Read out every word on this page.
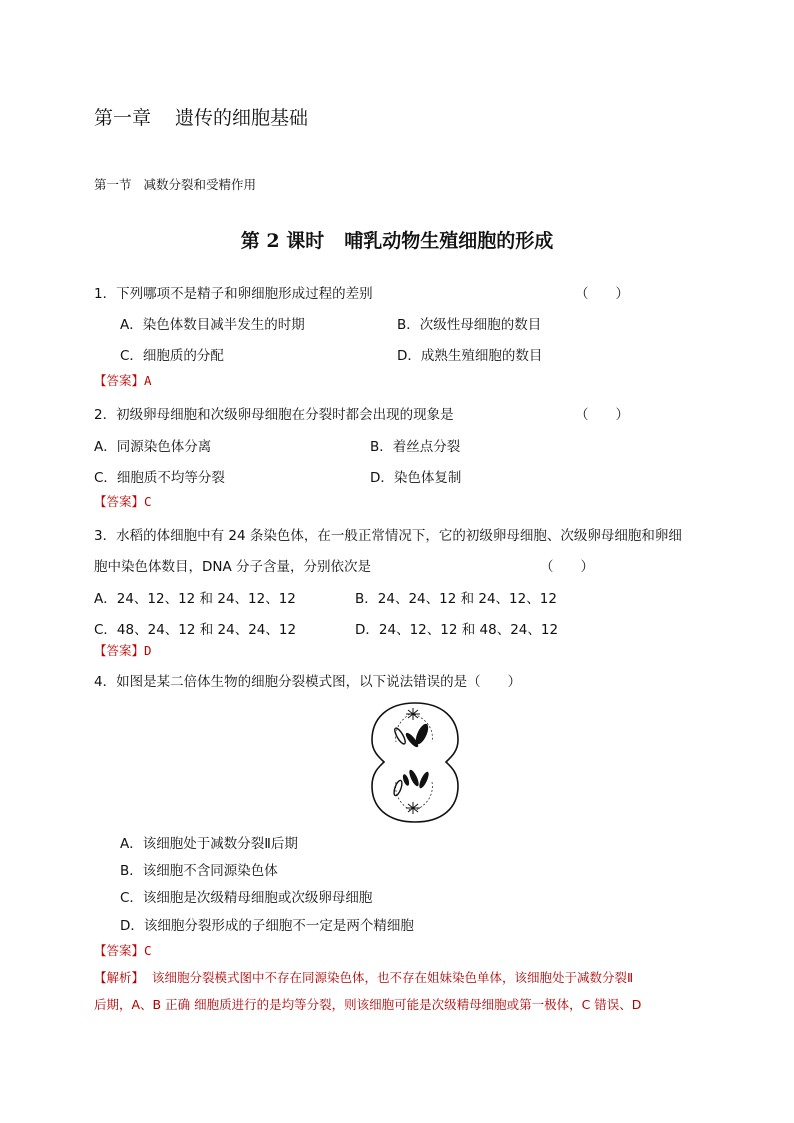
第一章 遗传的细胞基础
第一节 减数分裂和受精作用
第 2 课时 哺乳动物生殖细胞的形成
1．下列哪项不是精子和卵细胞形成过程的差别	（　　）
A．染色体数目减半发生的时期	B．次级性母细胞的数目
C．细胞质的分配	D．成熟生殖细胞的数目
【答案】A
2．初级卵母细胞和次级卵母细胞在分裂时都会出现的现象是	（　　）
A．同源染色体分离	B．着丝点分裂
C．细胞质不均等分裂	D．染色体复制
【答案】C
3．水稻的体细胞中有 24 条染色体，在一般正常情况下，它的初级卵母细胞、次级卵母细胞和卵细
胞中染色体数目，DNA 分子含量，分别依次是	（　　）
A．24、12、12 和 24、12、12	B．24、24、12 和 24、12、12
C．48、24、12 和 24、24、12	D．24、12、12 和 48、24、12
【答案】D
4．如图是某二倍体生物的细胞分裂模式图，以下说法错误的是（　　）
A．该细胞处于减数分裂Ⅱ后期
B．该细胞不含同源染色体
C．该细胞是次级精母细胞或次级卵母细胞
D．该细胞分裂形成的子细胞不一定是两个精细胞
【答案】C
【解析】 该细胞分裂模式图中不存在同源染色体，也不存在姐妹染色单体，该细胞处于减数分裂Ⅱ
后期，A、B 正确 细胞质进行的是均等分裂，则该细胞可能是次级精母细胞或第一极体，C 错误、D
